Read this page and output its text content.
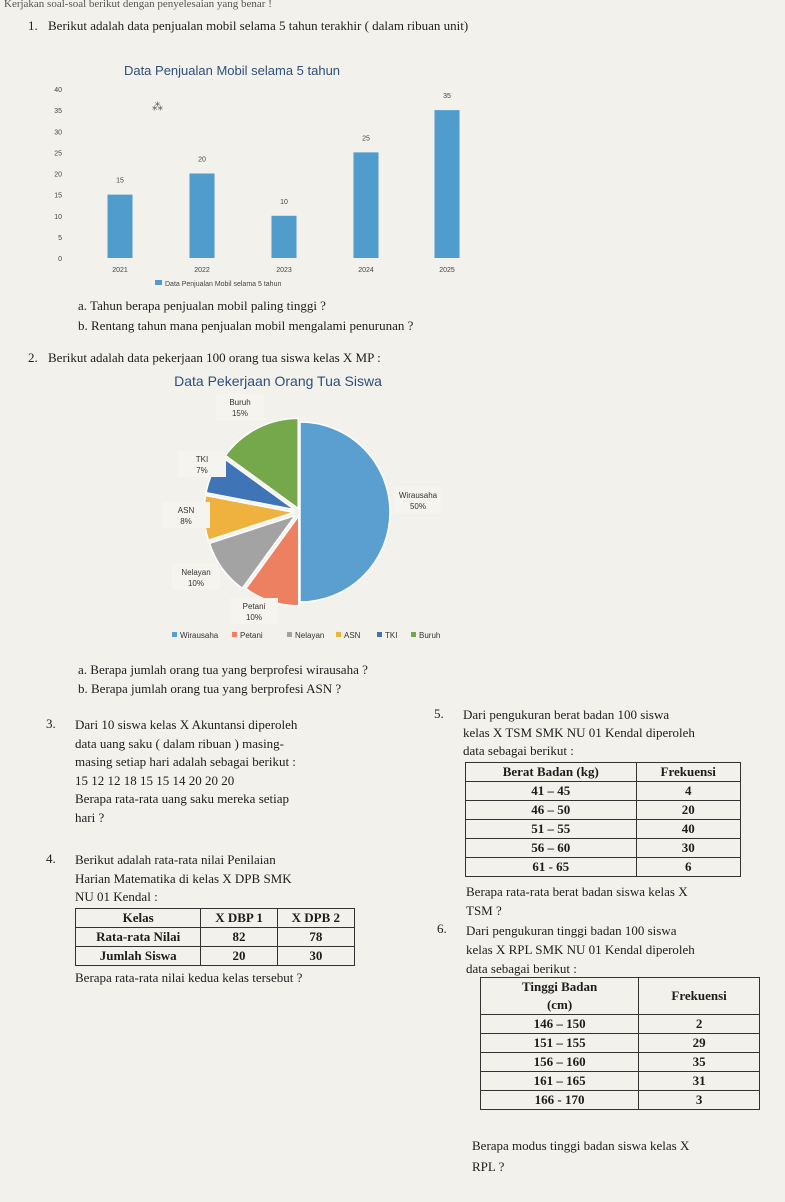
Kerjakan soal-soal berikut dengan penyelesaian yang benar !
1. Berikut adalah data penjualan mobil selama 5 tahun terakhir ( dalam ribuan unit)
Data Penjualan Mobil selama 5 tahun
0
5
10
15
20
25
30
35
40
15
20
10
25
35
2021	2022	2023	2024	2025
Data Penjualan Mobil selama 5 tahun
⁂
a. Tahun berapa penjualan mobil paling tinggi ?
b. Rentang tahun mana penjualan mobil mengalami penurunan ?
2. Berikut adalah data pekerjaan 100 orang tua siswa kelas X MP :
Data Pekerjaan Orang Tua Siswa
Wirausaha
50%
Petani
10%
Nelayan
10%
ASN
8%
TKI
7%
Buruh
15%
Wirausaha	Petani	Nelayan ASN	TKI	Buruh
a. Berapa jumlah orang tua yang berprofesi wirausaha ?
b. Berapa jumlah orang tua yang berprofesi ASN ?
3. Dari 10 siswa kelas X Akuntansi diperoleh
data uang saku ( dalam ribuan ) masing-
masing setiap hari adalah sebagai berikut :
15 12 12 18 15 15 14 20 20 20
Berapa rata-rata uang saku mereka setiap
hari ?
4. Berikut adalah rata-rata nilai Penilaian
Harian Matematika di kelas X DPB SMK
NU 01 Kendal :
Kelas	X DBP 1	X DPB 2
Rata-rata Nilai	82	78
Jumlah Siswa	20	30
Berapa rata-rata nilai kedua kelas tersebut ?
5. Dari pengukuran berat badan 100 siswa
kelas X TSM SMK NU 01 Kendal diperoleh
data sebagai berikut :
Berat Badan (kg)	Frekuensi
41 – 45	4
46 – 50	20
51 – 55	40
56 – 60	30
61 - 65	6
Berapa rata-rata berat badan siswa kelas X
TSM ?
6. Dari pengukuran tinggi badan 100 siswa
kelas X RPL SMK NU 01 Kendal diperoleh
data sebagai berikut :
Tinggi Badan
(cm)	Frekuensi
146 – 150	2
151 – 155	29
156 – 160	35
161 – 165	31
166 - 170	3
Berapa modus tinggi badan siswa kelas X
RPL ?
